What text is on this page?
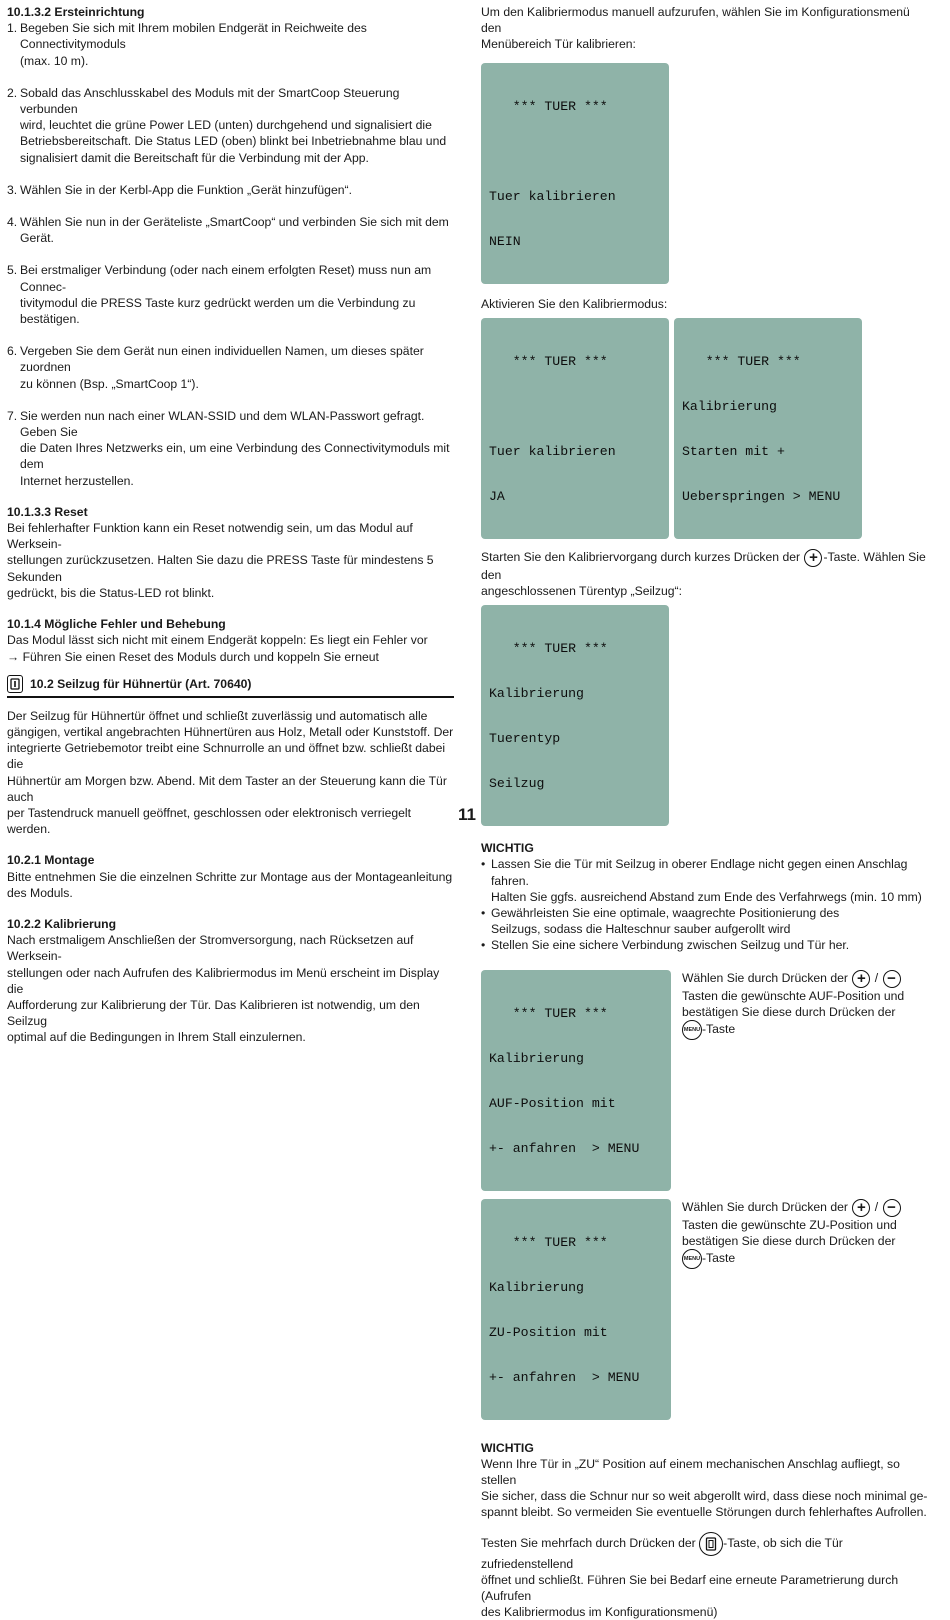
10.1.3.2 Ersteinrichtung

1. Begeben Sie sich mit Ihrem mobilen Endgerät in Reichweite des Connectivitymoduls
(max. 10 m).
2. Sobald das Anschlusskabel des Moduls mit der SmartCoop Steuerung verbunden
wird, leuchtet die grüne Power LED (unten) durchgehend und signalisiert die
Betriebsbereitschaft. Die Status LED (oben) blinkt bei Inbetriebnahme blau und
signalisiert damit die Bereitschaft für die Verbindung mit der App.
3. Wählen Sie in der Kerbl-App die Funktion „Gerät hinzufügen“.
4. Wählen Sie nun in der Geräteliste „SmartCoop“ und verbinden Sie sich mit dem Gerät.
5. Bei erstmaliger Verbindung (oder nach einem erfolgten Reset) muss nun am Connec-
tivitymodul die PRESS Taste kurz gedrückt werden um die Verbindung zu bestätigen.
6. Vergeben Sie dem Gerät nun einen individuellen Namen, um dieses später zuordnen
zu können (Bsp. „SmartCoop 1“).
7. Sie werden nun nach einer WLAN-SSID und dem WLAN-Passwort gefragt. Geben Sie
die Daten Ihres Netzwerks ein, um eine Verbindung des Connectivitymoduls mit dem
Internet herzustellen.

10.1.3.3 Reset

Bei fehlerhafter Funktion kann ein Reset notwendig sein, um das Modul auf Werksein-

stellungen zurückzusetzen. Halten Sie dazu die PRESS Taste für mindestens 5 Sekunden

gedrückt, bis die Status-LED rot blinkt.

10.1.4 Mögliche Fehler und Behebung

Das Modul lässt sich nicht mit einem Endgerät koppeln: Es liegt ein Fehler vor

→ Führen Sie einen Reset des Moduls durch und koppeln Sie erneut

10.2 Seilzug für Hühnertür (Art. 70640)

Der Seilzug für Hühnertür öffnet und schließt zuverlässig und automatisch alle

gängigen, vertikal angebrachten Hühnertüren aus Holz, Metall oder Kunststoff. Der

integrierte Getriebemotor treibt eine Schnurrolle an und öffnet bzw. schließt dabei die

Hühnertür am Morgen bzw. Abend. Mit dem Taster an der Steuerung kann die Tür auch

per Tastendruck manuell geöffnet, geschlossen oder elektronisch verriegelt werden.

10.2.1 Montage

Bitte entnehmen Sie die einzelnen Schritte zur Montage aus der Montageanleitung

des Moduls.

10.2.2 Kalibrierung

Nach erstmaligem Anschließen der Stromversorgung, nach Rücksetzen auf Werksein-

stellungen oder nach Aufrufen des Kalibriermodus im Menü erscheint im Display die

Aufforderung zur Kalibrierung der Tür. Das Kalibrieren ist notwendig, um den Seilzug

optimal auf die Bedingungen in Ihrem Stall einzulernen.

Um den Kalibriermodus manuell aufzurufen, wählen Sie im Konfigurationsmenü den

Menübereich Tür kalibrieren:

*** TUER ***

Tuer kalibrieren

NEIN

Aktivieren Sie den Kalibriermodus:

*** TUER ***

Tuer kalibrieren

JA

*** TUER ***

Kalibrierung

Starten mit +

Ueberspringen > MENU

Starten Sie den Kalibriervorgang durch kurzes Drücken der + -Taste. Wählen Sie den

angeschlossenen Türentyp „Seilzug“:

*** TUER ***

Kalibrierung

Tuerentyp

Seilzug

WICHTIG

• Lassen Sie die Tür mit Seilzug in oberer Endlage nicht gegen einen Anschlag fahren.
Halten Sie ggfs. ausreichend Abstand zum Ende des Verfahrwegs (min. 10 mm)
• Gewährleisten Sie eine optimale, waagrechte Positionierung des
Seilzugs, sodass die Halteschnur sauber aufgerollt wird
• Stellen Sie eine sichere Verbindung zwischen Seilzug und Tür her.

*** TUER ***

Kalibrierung

AUF-Position mit

+- anfahren  > MENU

Wählen Sie durch Drücken der + / −

Tasten die gewünschte AUF-Position und

bestätigen Sie diese durch Drücken der

MENU -Taste

*** TUER ***

Kalibrierung

ZU-Position mit

+- anfahren  > MENU

Wählen Sie durch Drücken der + / −

Tasten die gewünschte ZU-Position und

bestätigen Sie diese durch Drücken der

MENU -Taste

WICHTIG

Wenn Ihre Tür in „ZU“ Position auf einem mechanischen Anschlag aufliegt, so stellen

Sie sicher, dass die Schnur nur so weit abgerollt wird, dass diese noch minimal ge-

spannt bleibt. So vermeiden Sie eventuelle Störungen durch fehlerhaftes Aufrollen.

Testen Sie mehrfach durch Drücken der -Taste, ob sich die Tür zufriedenstellend

öffnet und schließt. Führen Sie bei Bedarf eine erneute Parametrierung durch (Aufrufen

des Kalibriermodus im Konfigurationsmenü)

11
